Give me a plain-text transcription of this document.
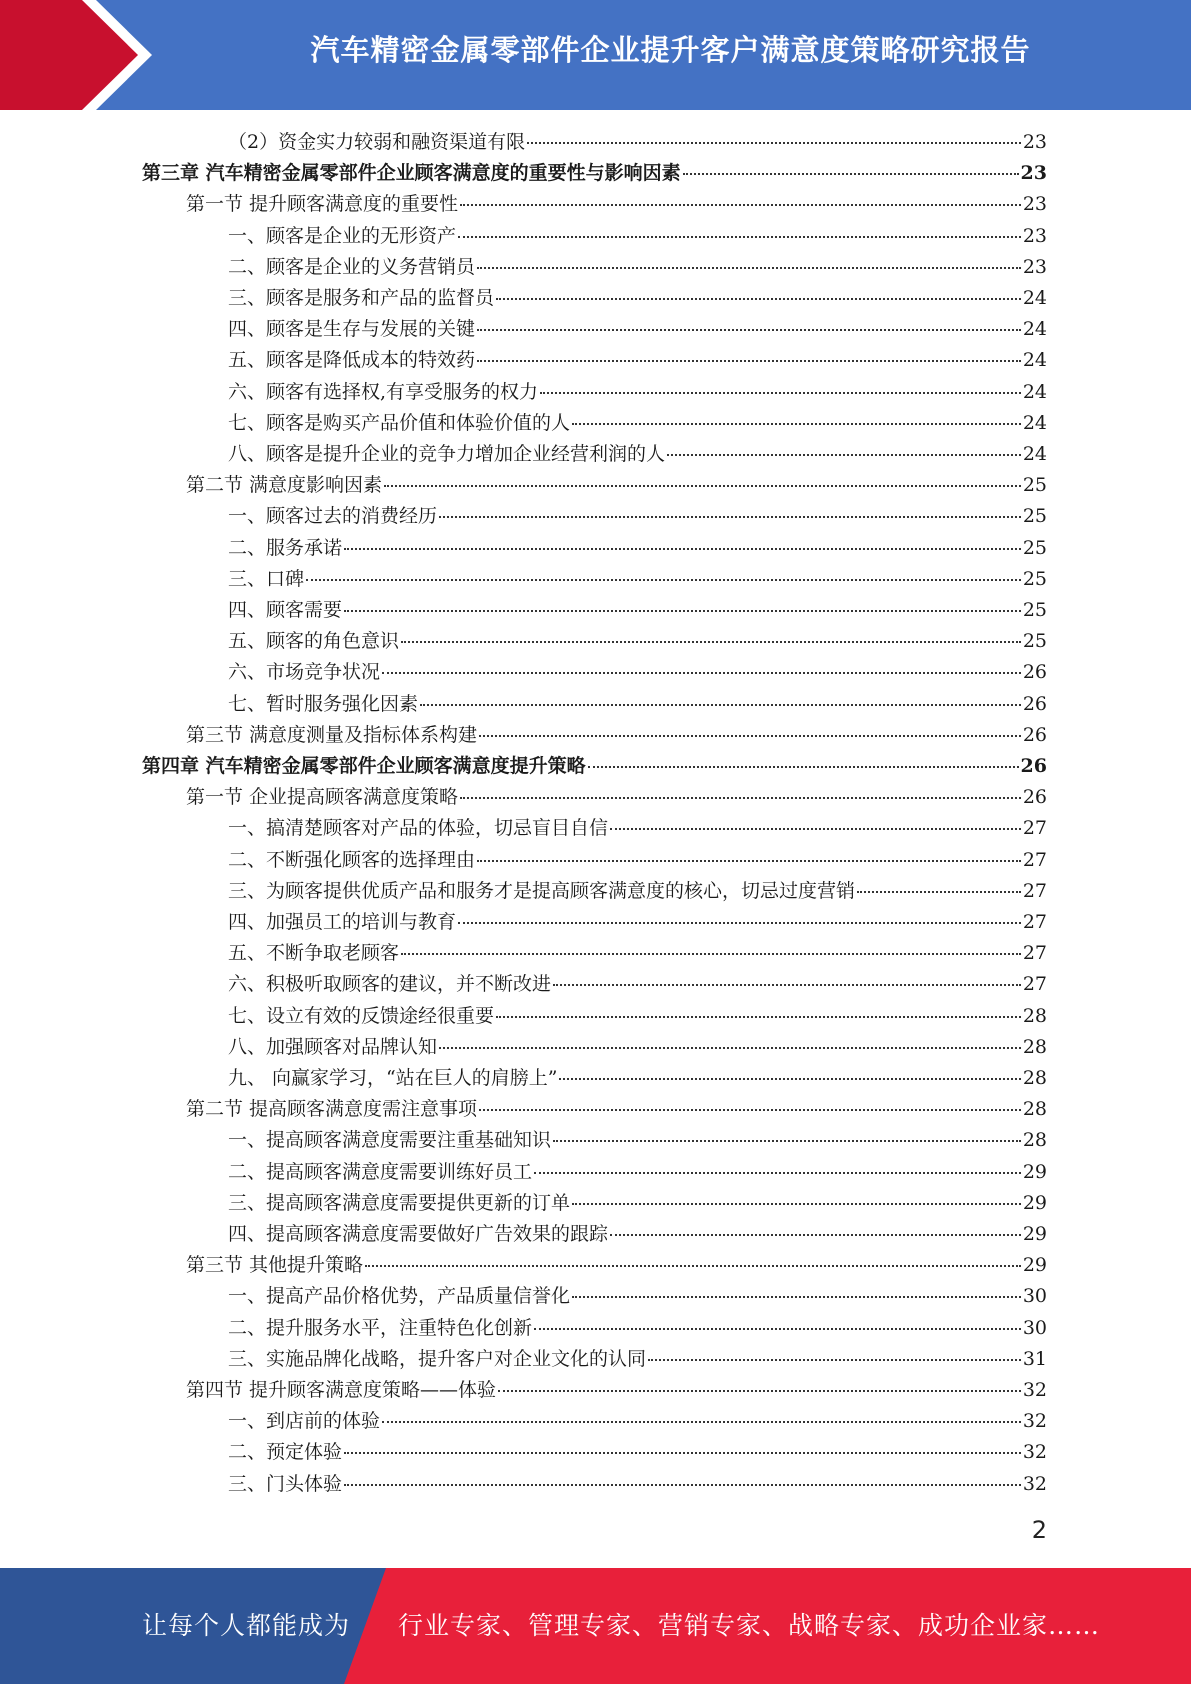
汽车精密金属零部件企业提升客户满意度策略研究报告
（2）资金实力较弱和融资渠道有限	23
第三章 汽车精密金属零部件企业顾客满意度的重要性与影响因素	23
第一节 提升顾客满意度的重要性	23
一、顾客是企业的无形资产	23
二、顾客是企业的义务营销员	23
三、顾客是服务和产品的监督员	24
四、顾客是生存与发展的关键	24
五、顾客是降低成本的特效药	24
六、顾客有选择权,有享受服务的权力	24
七、顾客是购买产品价值和体验价值的人	24
八、顾客是提升企业的竞争力增加企业经营利润的人	24
第二节 满意度影响因素	25
一、顾客过去的消费经历	25
二、服务承诺	25
三、口碑	25
四、顾客需要	25
五、顾客的角色意识	25
六、市场竞争状况	26
七、暂时服务强化因素	26
第三节 满意度测量及指标体系构建	26
第四章 汽车精密金属零部件企业顾客满意度提升策略	26
第一节 企业提高顾客满意度策略	26
一、搞清楚顾客对产品的体验，切忌盲目自信	27
二、不断强化顾客的选择理由	27
三、为顾客提供优质产品和服务才是提高顾客满意度的核心，切忌过度营销	27
四、加强员工的培训与教育	27
五、不断争取老顾客	27
六、积极听取顾客的建议，并不断改进	27
七、设立有效的反馈途经很重要	28
八、加强顾客对品牌认知	28
九、 向赢家学习，“站在巨人的肩膀上”	28
第二节 提高顾客满意度需注意事项	28
一、提高顾客满意度需要注重基础知识	28
二、提高顾客满意度需要训练好员工	29
三、提高顾客满意度需要提供更新的订单	29
四、提高顾客满意度需要做好广告效果的跟踪	29
第三节 其他提升策略	29
一、提高产品价格优势，产品质量信誉化	30
二、提升服务水平，注重特色化创新	30
三、实施品牌化战略，提升客户对企业文化的认同	31
第四节 提升顾客满意度策略——体验	32
一、到店前的体验	32
二、预定体验	32
三、门头体验	32
2
让每个人都能成为 行业专家、管理专家、营销专家、战略专家、成功企业家……
